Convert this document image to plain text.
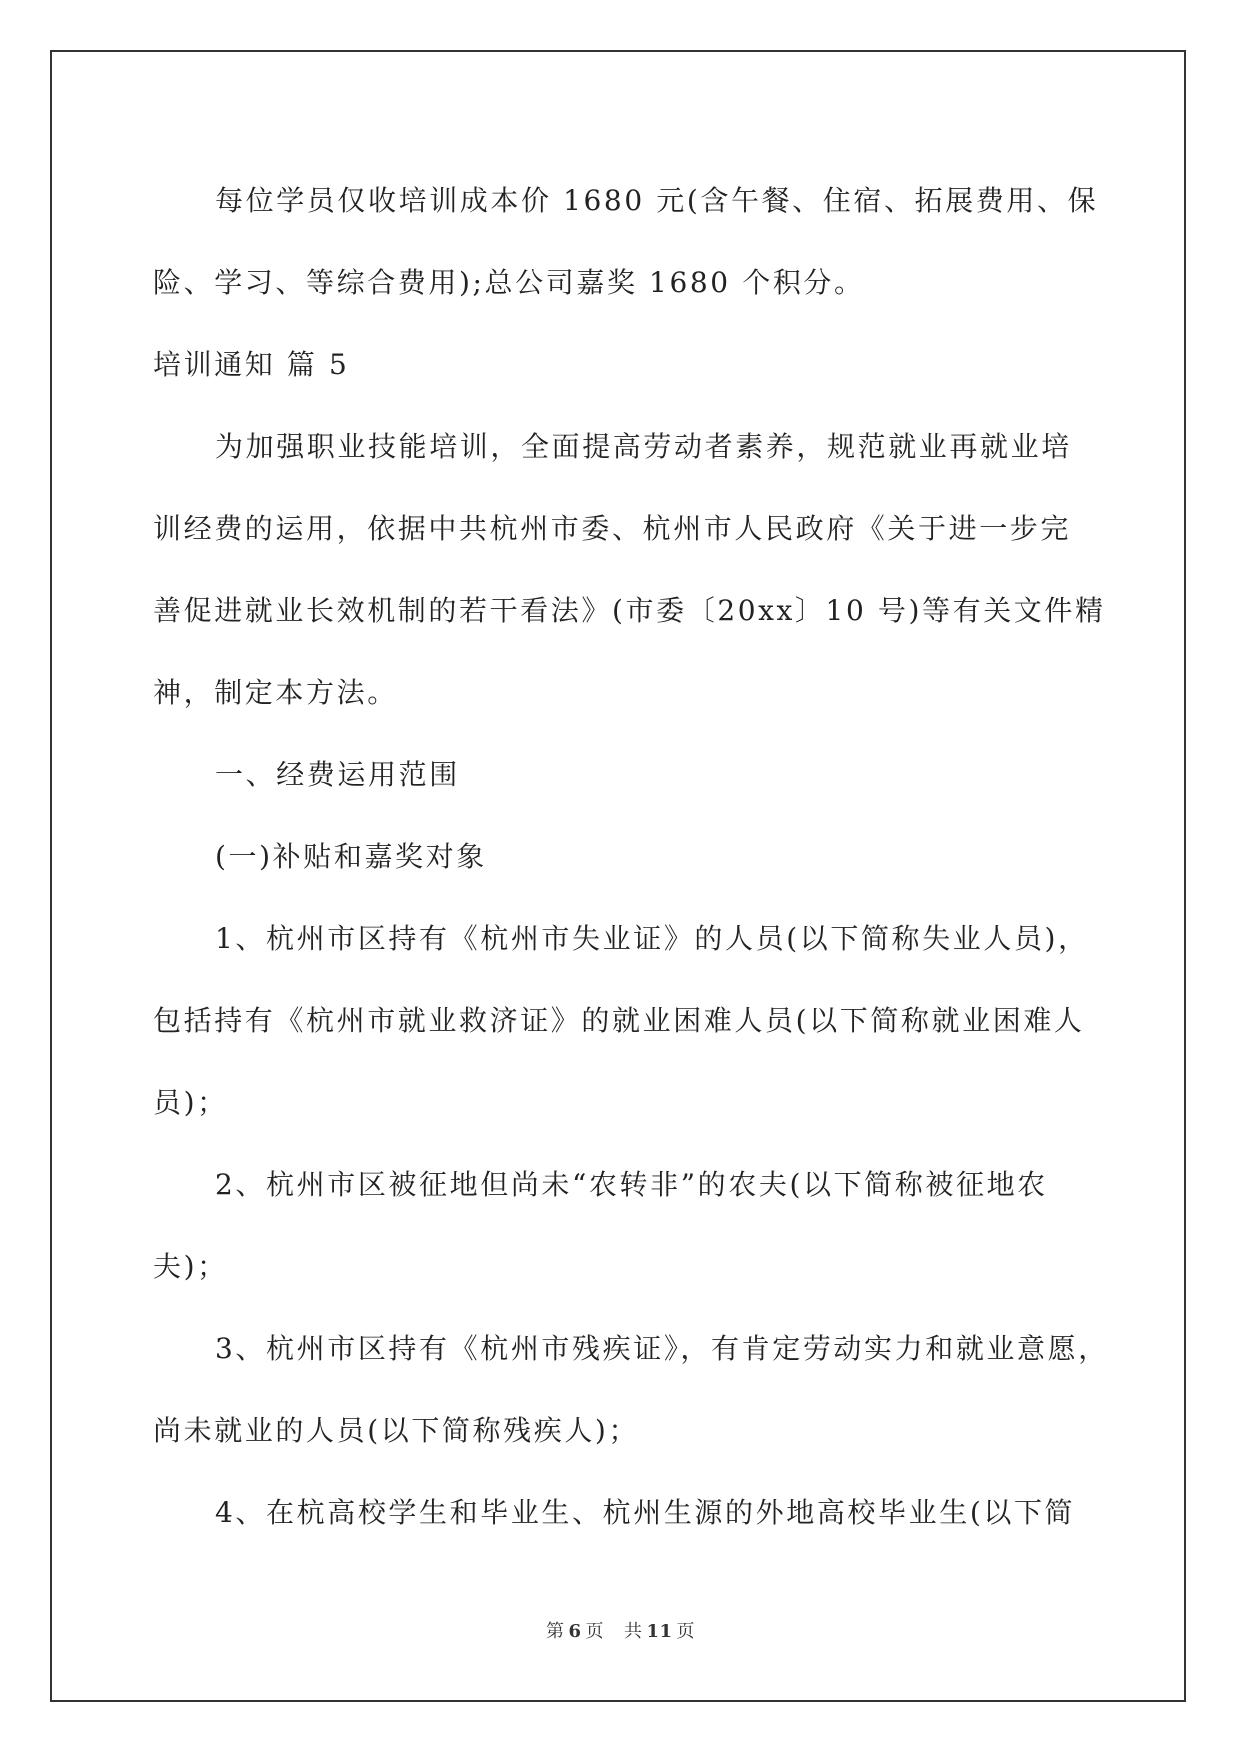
每位学员仅收培训成本价 1680 元(含午餐、住宿、拓展费用、保

险、学习、等综合费用);总公司嘉奖 1680 个积分。

培训通知 篇 5

为加强职业技能培训，全面提高劳动者素养，规范就业再就业培

训经费的运用，依据中共杭州市委、杭州市人民政府《关于进一步完

善促进就业长效机制的若干看法》(市委〔20xx〕10 号)等有关文件精

神，制定本方法。

一、经费运用范围

(一)补贴和嘉奖对象

1、杭州市区持有《杭州市失业证》的人员(以下简称失业人员)，

包括持有《杭州市就业救济证》的就业困难人员(以下简称就业困难人

员)；

2、杭州市区被征地但尚未“农转非”的农夫(以下简称被征地农

夫)；

3、杭州市区持有《杭州市残疾证》，有肯定劳动实力和就业意愿，

尚未就业的人员(以下简称残疾人)；

4、在杭高校学生和毕业生、杭州生源的外地高校毕业生(以下简

第 6 页 共 11 页
